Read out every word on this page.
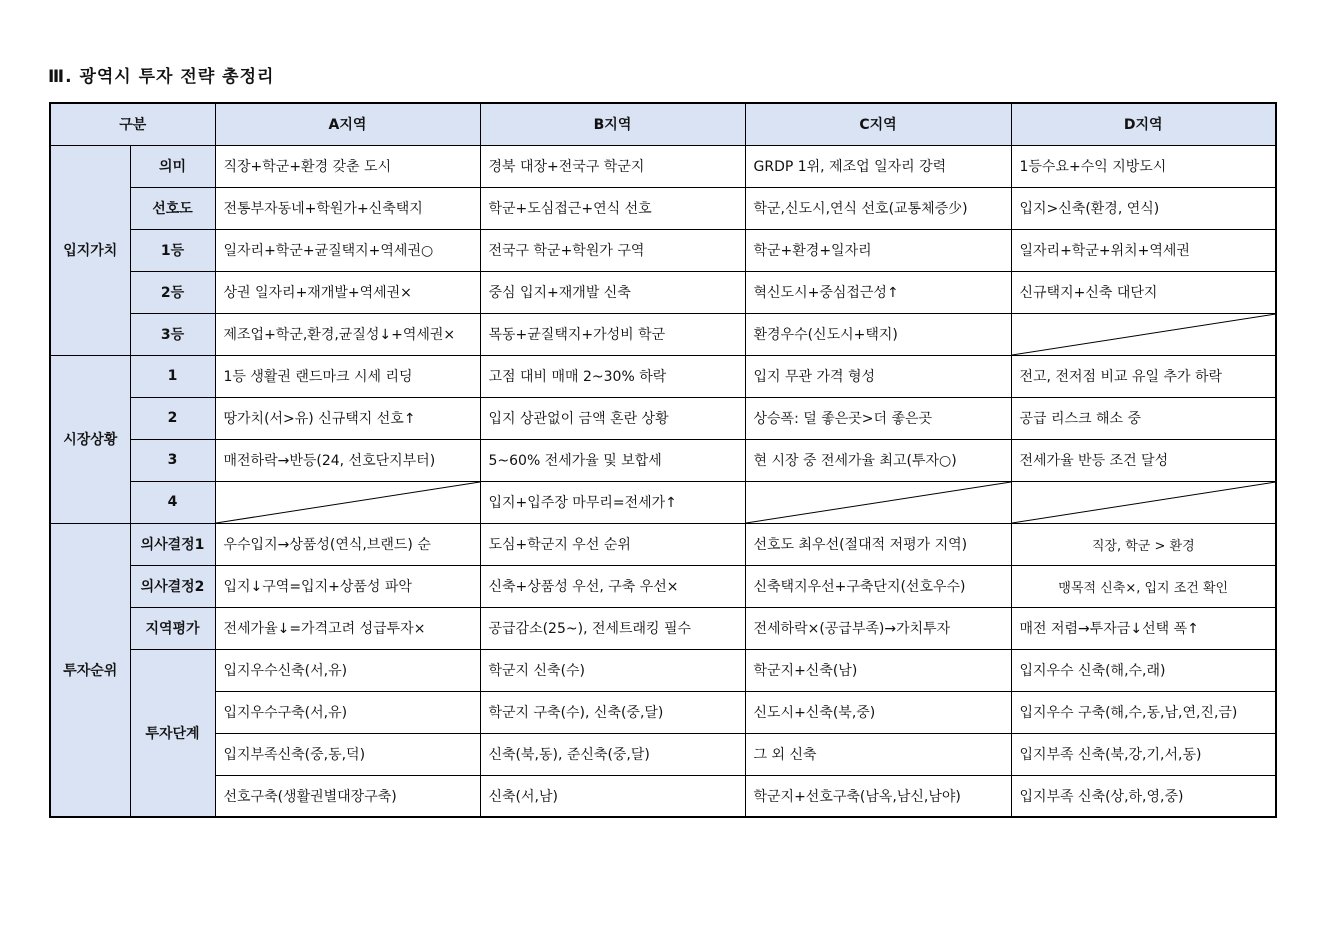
Ⅲ. 광역시 투자 전략 총정리
구분		A지역	B지역	C지역	D지역
입지가치	의미	직장+학군+환경 갖춘 도시	경북 대장+전국구 학군지	GRDP 1위, 제조업 일자리 강력	1등수요+수익 지방도시
	선호도	전통부자동네+학원가+신축택지	학군+도심접근+연식 선호	학군,신도시,연식 선호(교통체증少)	입지>신축(환경, 연식)
	1등	일자리+학군+균질택지+역세권○	전국구 학군+학원가 구역	학군+환경+일자리	일자리+학군+위치+역세권
	2등	상권 일자리+재개발+역세권×	중심 입지+재개발 신축	혁신도시+중심접근성↑	신규택지+신축 대단지
	3등	제조업+학군,환경,균질성↓+역세권×	목동+균질택지+가성비 학군	환경우수(신도시+택지)	

시장상황	1	1등 생활권 랜드마크 시세 리딩	고점 대비 매매 2~30% 하락	입지 무관 가격 형성	전고, 전저점 비교 유일 추가 하락
	2	땅가치(서>유) 신규택지 선호↑	입지 상관없이 금액 혼란 상황	상승폭: 덜 좋은곳>더 좋은곳	공급 리스크 해소 중
	3	매전하락→반등(24, 선호단지부터)	5~60% 전세가율 및 보합세	현 시장 중 전세가율 최고(투자○)	전세가율 반등 조건 달성
	4		입지+입주장 마무리=전세가↑	

투자순위	의사결정1	우수입지→상품성(연식,브랜드) 순	도심+학군지 우선 순위	선호도 최우선(절대적 저평가 지역)	직장, 학군 > 환경
	의사결정2	입지↓구역=입지+상품성 파악	신축+상품성 우선, 구축 우선×	신축택지우선+구축단지(선호우수)	맹목적 신축×, 입지 조건 확인
	지역평가	전세가율↓=가격고려 성급투자×	공급감소(25~), 전세트래킹 필수	전세하락×(공급부족)→가치투자	매전 저렴→투자금↓선택 폭↑
	투자단계	입지우수신축(서,유)	학군지 신축(수)	학군지+신축(남)	입지우수 신축(해,수,래)
		입지우수구축(서,유)	학군지 구축(수), 신축(중,달)	신도시+신축(북,중)	입지우수 구축(해,수,동,남,연,진,금)
		입지부족신축(중,동,덕)	신축(북,동), 준신축(중,달)	그 외 신축	입지부족 신축(북,강,기,서,동)
		선호구축(생활권별대장구축)	신축(서,남)	학군지+선호구축(남옥,남신,남야)	입지부족 신축(상,하,영,중)
